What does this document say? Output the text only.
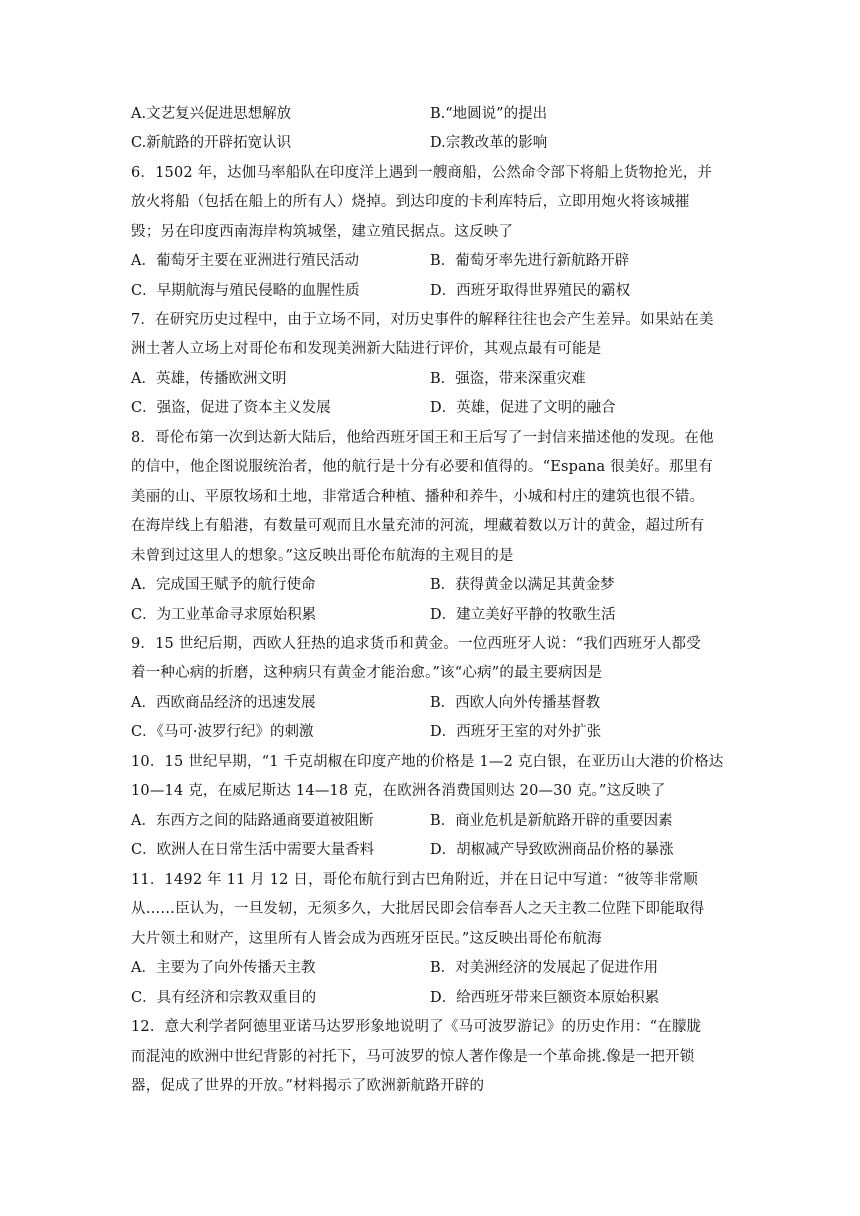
A.文艺复兴促进思想解放	B.“地圆说”的提出
C.新航路的开辟拓宽认识	D.宗教改革的影响
6．1502 年，达伽马率船队在印度洋上遇到一艘商船，公然命令部下将船上货物抢光，并
放火将船（包括在船上的所有人）烧掉。到达印度的卡利库特后，立即用炮火将该城摧
毁；另在印度西南海岸构筑城堡，建立殖民据点。这反映了
A．葡萄牙主要在亚洲进行殖民活动	B．葡萄牙率先进行新航路开辟
C．早期航海与殖民侵略的血腥性质	D．西班牙取得世界殖民的霸权
7．在研究历史过程中，由于立场不同，对历史事件的解释往往也会产生差异。如果站在美
洲土著人立场上对哥伦布和发现美洲新大陆进行评价，其观点最有可能是
A．英雄，传播欧洲文明	B．强盗，带来深重灾难
C．强盗，促进了资本主义发展	D．英雄，促进了文明的融合
8．哥伦布第一次到达新大陆后，他给西班牙国王和王后写了一封信来描述他的发现。在他
的信中，他企图说服统治者，他的航行是十分有必要和值得的。“Espana 很美好。那里有
美丽的山、平原牧场和土地，非常适合种植、播种和养牛，小城和村庄的建筑也很不错。
在海岸线上有船港，有数量可观而且水量充沛的河流，埋藏着数以万计的黄金，超过所有
未曾到过这里人的想象。”这反映出哥伦布航海的主观目的是
A．完成国王赋予的航行使命	B．获得黄金以满足其黄金梦
C．为工业革命寻求原始积累	D．建立美好平静的牧歌生活
9．15 世纪后期，西欧人狂热的追求货币和黄金。一位西班牙人说：“我们西班牙人都受
着一种心病的折磨，这种病只有黄金才能治愈。”该“心病”的最主要病因是
A．西欧商品经济的迅速发展	B．西欧人向外传播基督教
C．《马可·波罗行纪》的刺激	D．西班牙王室的对外扩张
10．15 世纪早期，“1 千克胡椒在印度产地的价格是 1—2 克白银，在亚历山大港的价格达
10—14 克，在威尼斯达 14—18 克，在欧洲各消费国则达 20—30 克。”这反映了
A．东西方之间的陆路通商要道被阻断	B．商业危机是新航路开辟的重要因素
C．欧洲人在日常生活中需要大量香料	D．胡椒减产导致欧洲商品价格的暴涨
11．1492 年 11 月 12 日，哥伦布航行到古巴角附近，并在日记中写道：“彼等非常顺
从……臣认为，一旦发轫，无须多久，大批居民即会信奉吾人之天主教二位陛下即能取得
大片领土和财产，这里所有人皆会成为西班牙臣民。”这反映出哥伦布航海
A．主要为了向外传播天主教	B．对美洲经济的发展起了促进作用
C．具有经济和宗教双重目的	D．给西班牙带来巨额资本原始积累
12．意大利学者阿德里亚诺马达罗形象地说明了《马可波罗游记》的历史作用：“在朦胧
而混沌的欧洲中世纪背影的衬托下，马可波罗的惊人著作像是一个革命挑.像是一把开锁
器，促成了世界的开放。”材料揭示了欧洲新航路开辟的
